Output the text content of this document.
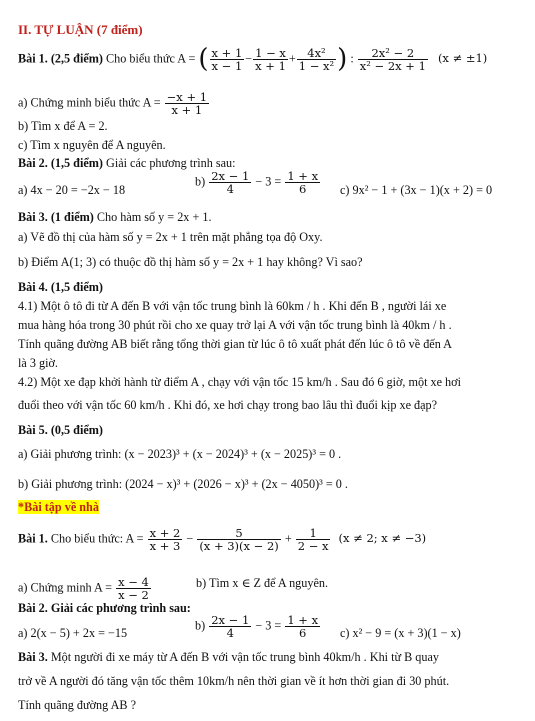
II. TỰ LUẬN (7 điểm)
Bài 1. (2,5 điểm) Cho biểu thức A = ( $\frac{x + 1}{x - 1} - \frac{1 - x}{x + 1} + \frac{\text{4x²}}{\text{1 − x²}}$ ) : $\frac{\text{2x² − 2}}{\text{x² − 2x + 1}} (x \ne \pm 1)$
a) Chứng minh biểu thức $A = \frac{-x + 1}{x + 1}$
b) Tìm x để A = 2.
c) Tìm x nguyên để A nguyên.
Bài 2. (1,5 điểm) Giải các phương trình sau:
a) 4x − 20 = −2x − 18
$b) \frac{2x - 1}{4} - 3 = \frac{1 + x}{6} c$) 9x² − 1 + (3x − 1)(x + 2) = 0
Bài 3. (1 điểm) Cho hàm số y = 2x + 1.
a) Vẽ đồ thị của hàm số y = 2x + 1 trên mặt phẳng tọa độ Oxy.
b) Điểm A(1; 3) có thuộc đồ thị hàm số y = 2x + 1 hay không? Vì sao?
Bài 4. (1,5 điểm)
4.1) Một ô tô đi từ A đến B với vận tốc trung bình là 60km / h . Khi đến B , người lái xe
mua hàng hóa trong 30 phút rồi cho xe quay trở lại A với vận tốc trung bình là 40km / h .
Tính quãng đường AB biết rằng tổng thời gian từ lúc ô tô xuất phát đến lúc ô tô về đến A
là 3 giờ.
4.2) Một xe đạp khởi hành từ điểm A , chạy với vận tốc 15 km/h . Sau đó 6 giờ, một xe hơi
đuổi theo với vận tốc 60 km/h . Khi đó, xe hơi chạy trong bao lâu thì đuổi kịp xe đạp?
Bài 5. (0,5 điểm)
a) Giải phương trình: (x − 2023)³ + (x − 2024)³ + (x − 2025)³ = 0 .
b) Giải phương trình: (2024 − x)³ + (2026 − x)³ + (2x − 4050)³ = 0 .
*Bài tập về nhà
Bài 1. Cho biểu thức: $A = \frac{x + 2}{x + 3} - \frac{5}{(x + 3)(x - 2)} + \frac{1}{2 - x} (x \ne 2$; x ≠ −3)
a) Chứng minh $A = \frac{x - 4}{x - 2}$	b) Tìm x ∈ Z để A nguyên.
Bài 2. Giải các phương trình sau:
a) 2(x − 5) + 2x = −15
$b) \frac{2x - 1}{4} - 3 = \frac{1 + x}{6} c$) x² − 9 = (x + 3)(1 − x)
Bài 3. Một người đi xe máy từ A đến B với vận tốc trung bình 40km/h . Khi từ B quay
trở về A người đó tăng vận tốc thêm 10km/h nên thời gian về ít hơn thời gian đi 30 phút.
Tính quãng đường AB ?
